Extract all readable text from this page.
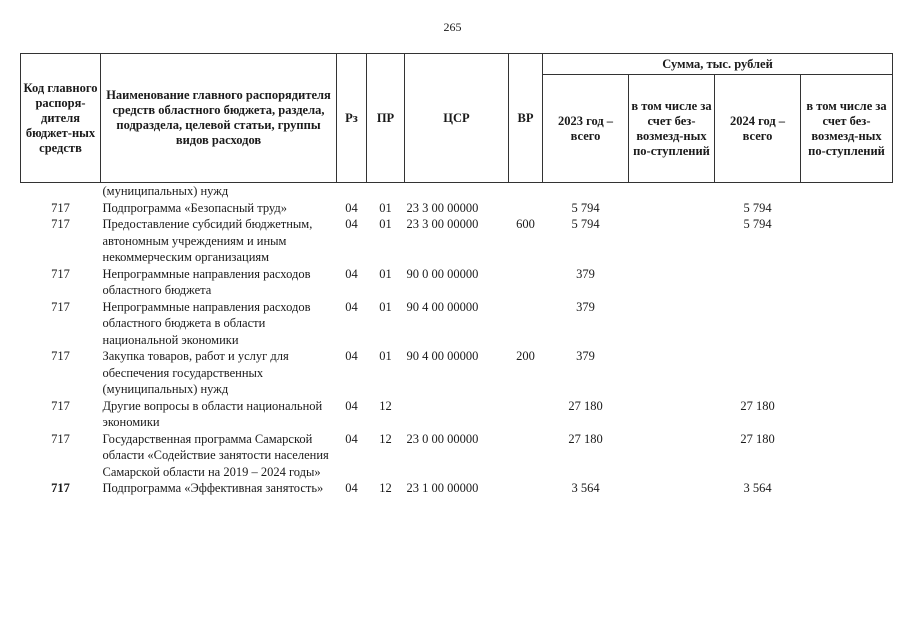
265
Код главного распоря-дителя бюджет-ных средств	Наименование главного распорядителя средств областного бюджета, раздела, подраздела, целевой статьи, группы видов расходов	Рз	ПР	ЦСР	ВР	Сумма, тыс. рублей			
						2023 год – всего	в том числе за счет без-возмезд-ных по-ступлений	2024 год – всего	в том числе за счет без-возмезд-ных по-ступлений
	(муниципальных) нужд								
717	Подпрограмма «Безопасный труд»	04	01	23 3 00 00000		5 794		5 794	
717	Предоставление субсидий бюджетным, автономным учреждениям и иным некоммерческим организациям	04	01	23 3 00 00000	600	5 794		5 794	
717	Непрограммные направления расходов областного бюджета	04	01	90 0 00 00000		379			
717	Непрограммные направления расходов областного бюджета в области национальной экономики	04	01	90 4 00 00000		379			
717	Закупка товаров, работ и услуг для обеспечения государственных (муниципальных) нужд	04	01	90 4 00 00000	200	379			
717	Другие вопросы в области национальной экономики	04	12			27 180		27 180	
717	Государственная программа Самарской области «Содействие занятости населения Самарской области на 2019 – 2024 годы»	04	12	23 0 00 00000		27 180		27 180	
717	Подпрограмма «Эффективная занятость»	04	12	23 1 00 00000		3 564		3 564	
